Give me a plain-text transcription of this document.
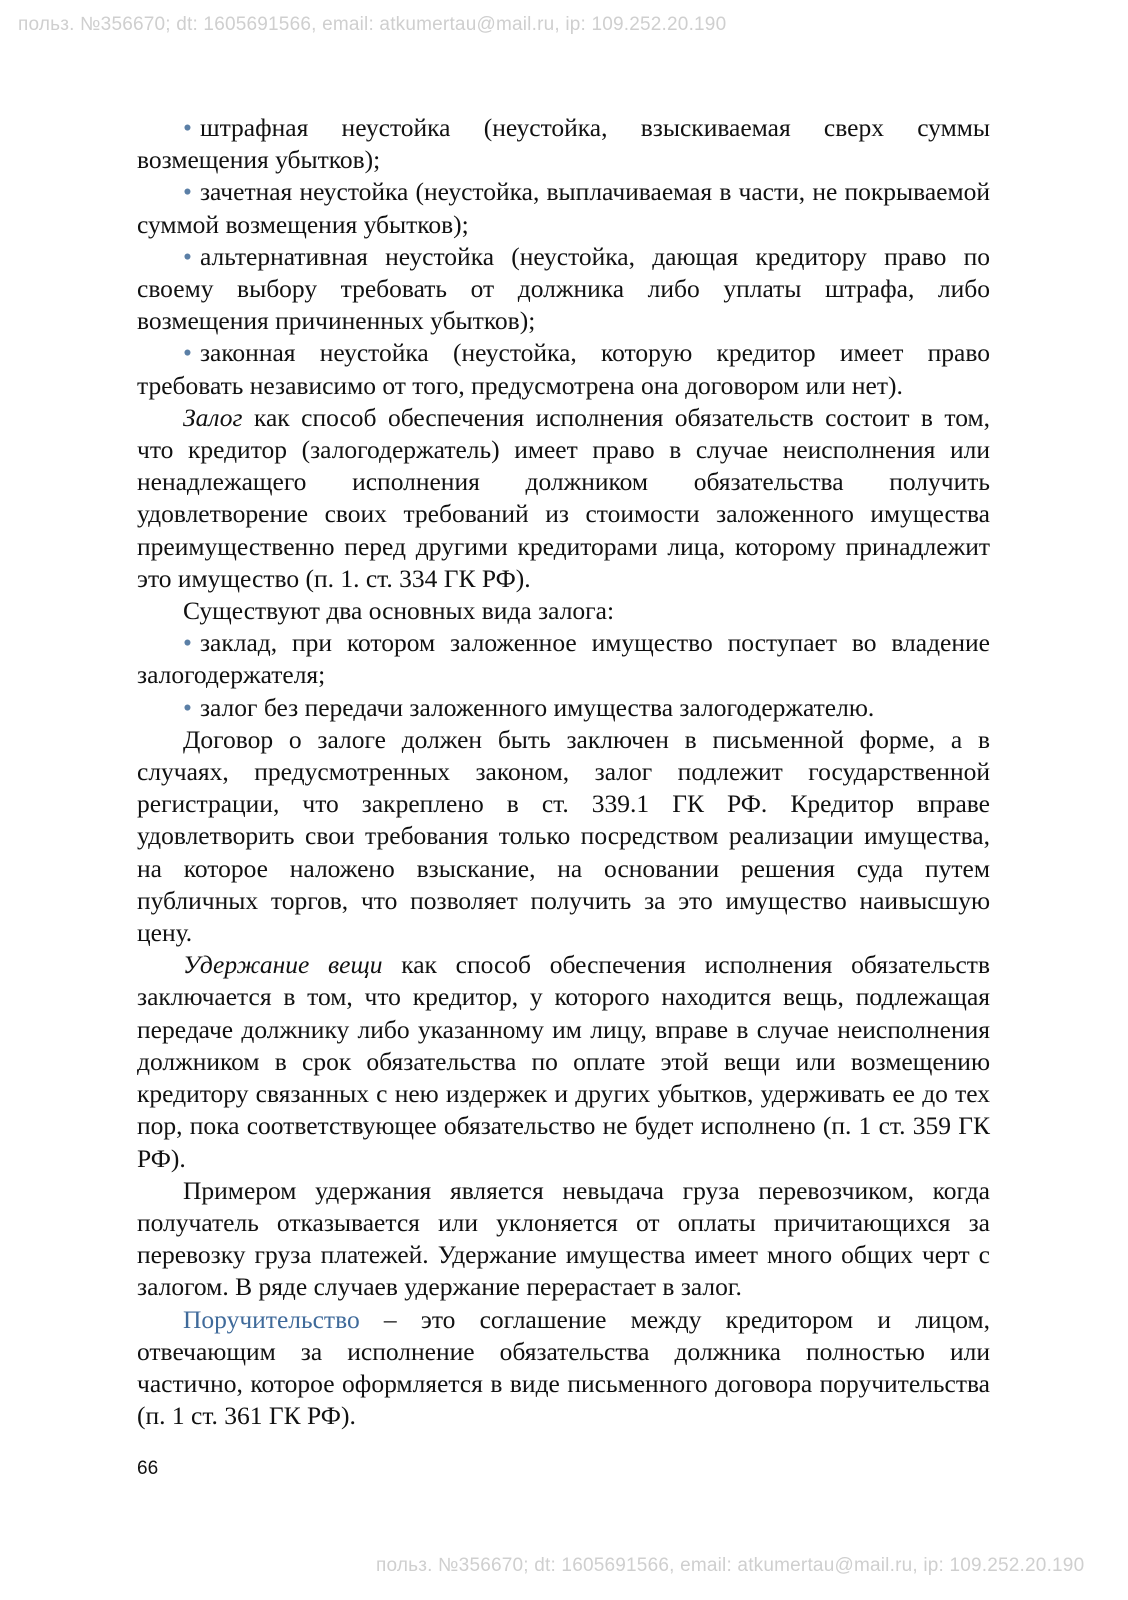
польз. №356670; dt: 1605691566, email: atkumertau@mail.ru, ip: 109.252.20.190

• штрафная неустойка (неустойка, взыскиваемая сверх суммы возмещения убытков);

• зачетная неустойка (неустойка, выплачиваемая в части, не покрываемой суммой возмещения убытков);

• альтернативная неустойка (неустойка, дающая кредитору право по своему выбору требовать от должника либо уплаты штрафа, либо возмещения причиненных убытков);

• законная неустойка (неустойка, которую кредитор имеет право требовать независимо от того, предусмотрена она договором или нет).

Залог как способ обеспечения исполнения обязательств состоит в том, что кредитор (залогодержатель) имеет право в случае неисполнения или ненадлежащего исполнения должником обязательства получить удовлетворение своих требований из стоимости заложенного имущества преимущественно перед другими кредиторами лица, которому принадлежит это имущество (п. 1. ст. 334 ГК РФ).

Существуют два основных вида залога:

• заклад, при котором заложенное имущество поступает во владение залогодержателя;

• залог без передачи заложенного имущества залогодержателю.

Договор о залоге должен быть заключен в письменной форме, а в случаях, предусмотренных законом, залог подлежит государственной регистрации, что закреплено в ст. 339.1 ГК РФ. Кредитор вправе удовлетворить свои требования только посредством реализации имущества, на которое наложено взыскание, на основании решения суда путем публичных торгов, что позволяет получить за это имущество наивысшую цену.

Удержание вещи как способ обеспечения исполнения обязательств заключается в том, что кредитор, у которого находится вещь, подлежащая передаче должнику либо указанному им лицу, вправе в случае неисполнения должником в срок обязательства по оплате этой вещи или возмещению кредитору связанных с нею издержек и других убытков, удерживать ее до тех пор, пока соответствующее обязательство не будет исполнено (п. 1 ст. 359 ГК РФ).

Примером удержания является невыдача груза перевозчиком, когда получатель отказывается или уклоняется от оплаты причитающихся за перевозку груза платежей. Удержание имущества имеет много общих черт с залогом. В ряде случаев удержание перерастает в залог.

Поручительство – это соглашение между кредитором и лицом, отвечающим за исполнение обязательства должника полностью или частично, которое оформляется в виде письменного договора поручительства (п. 1 ст. 361 ГК РФ).

66
польз. №356670; dt: 1605691566, email: atkumertau@mail.ru, ip: 109.252.20.190
